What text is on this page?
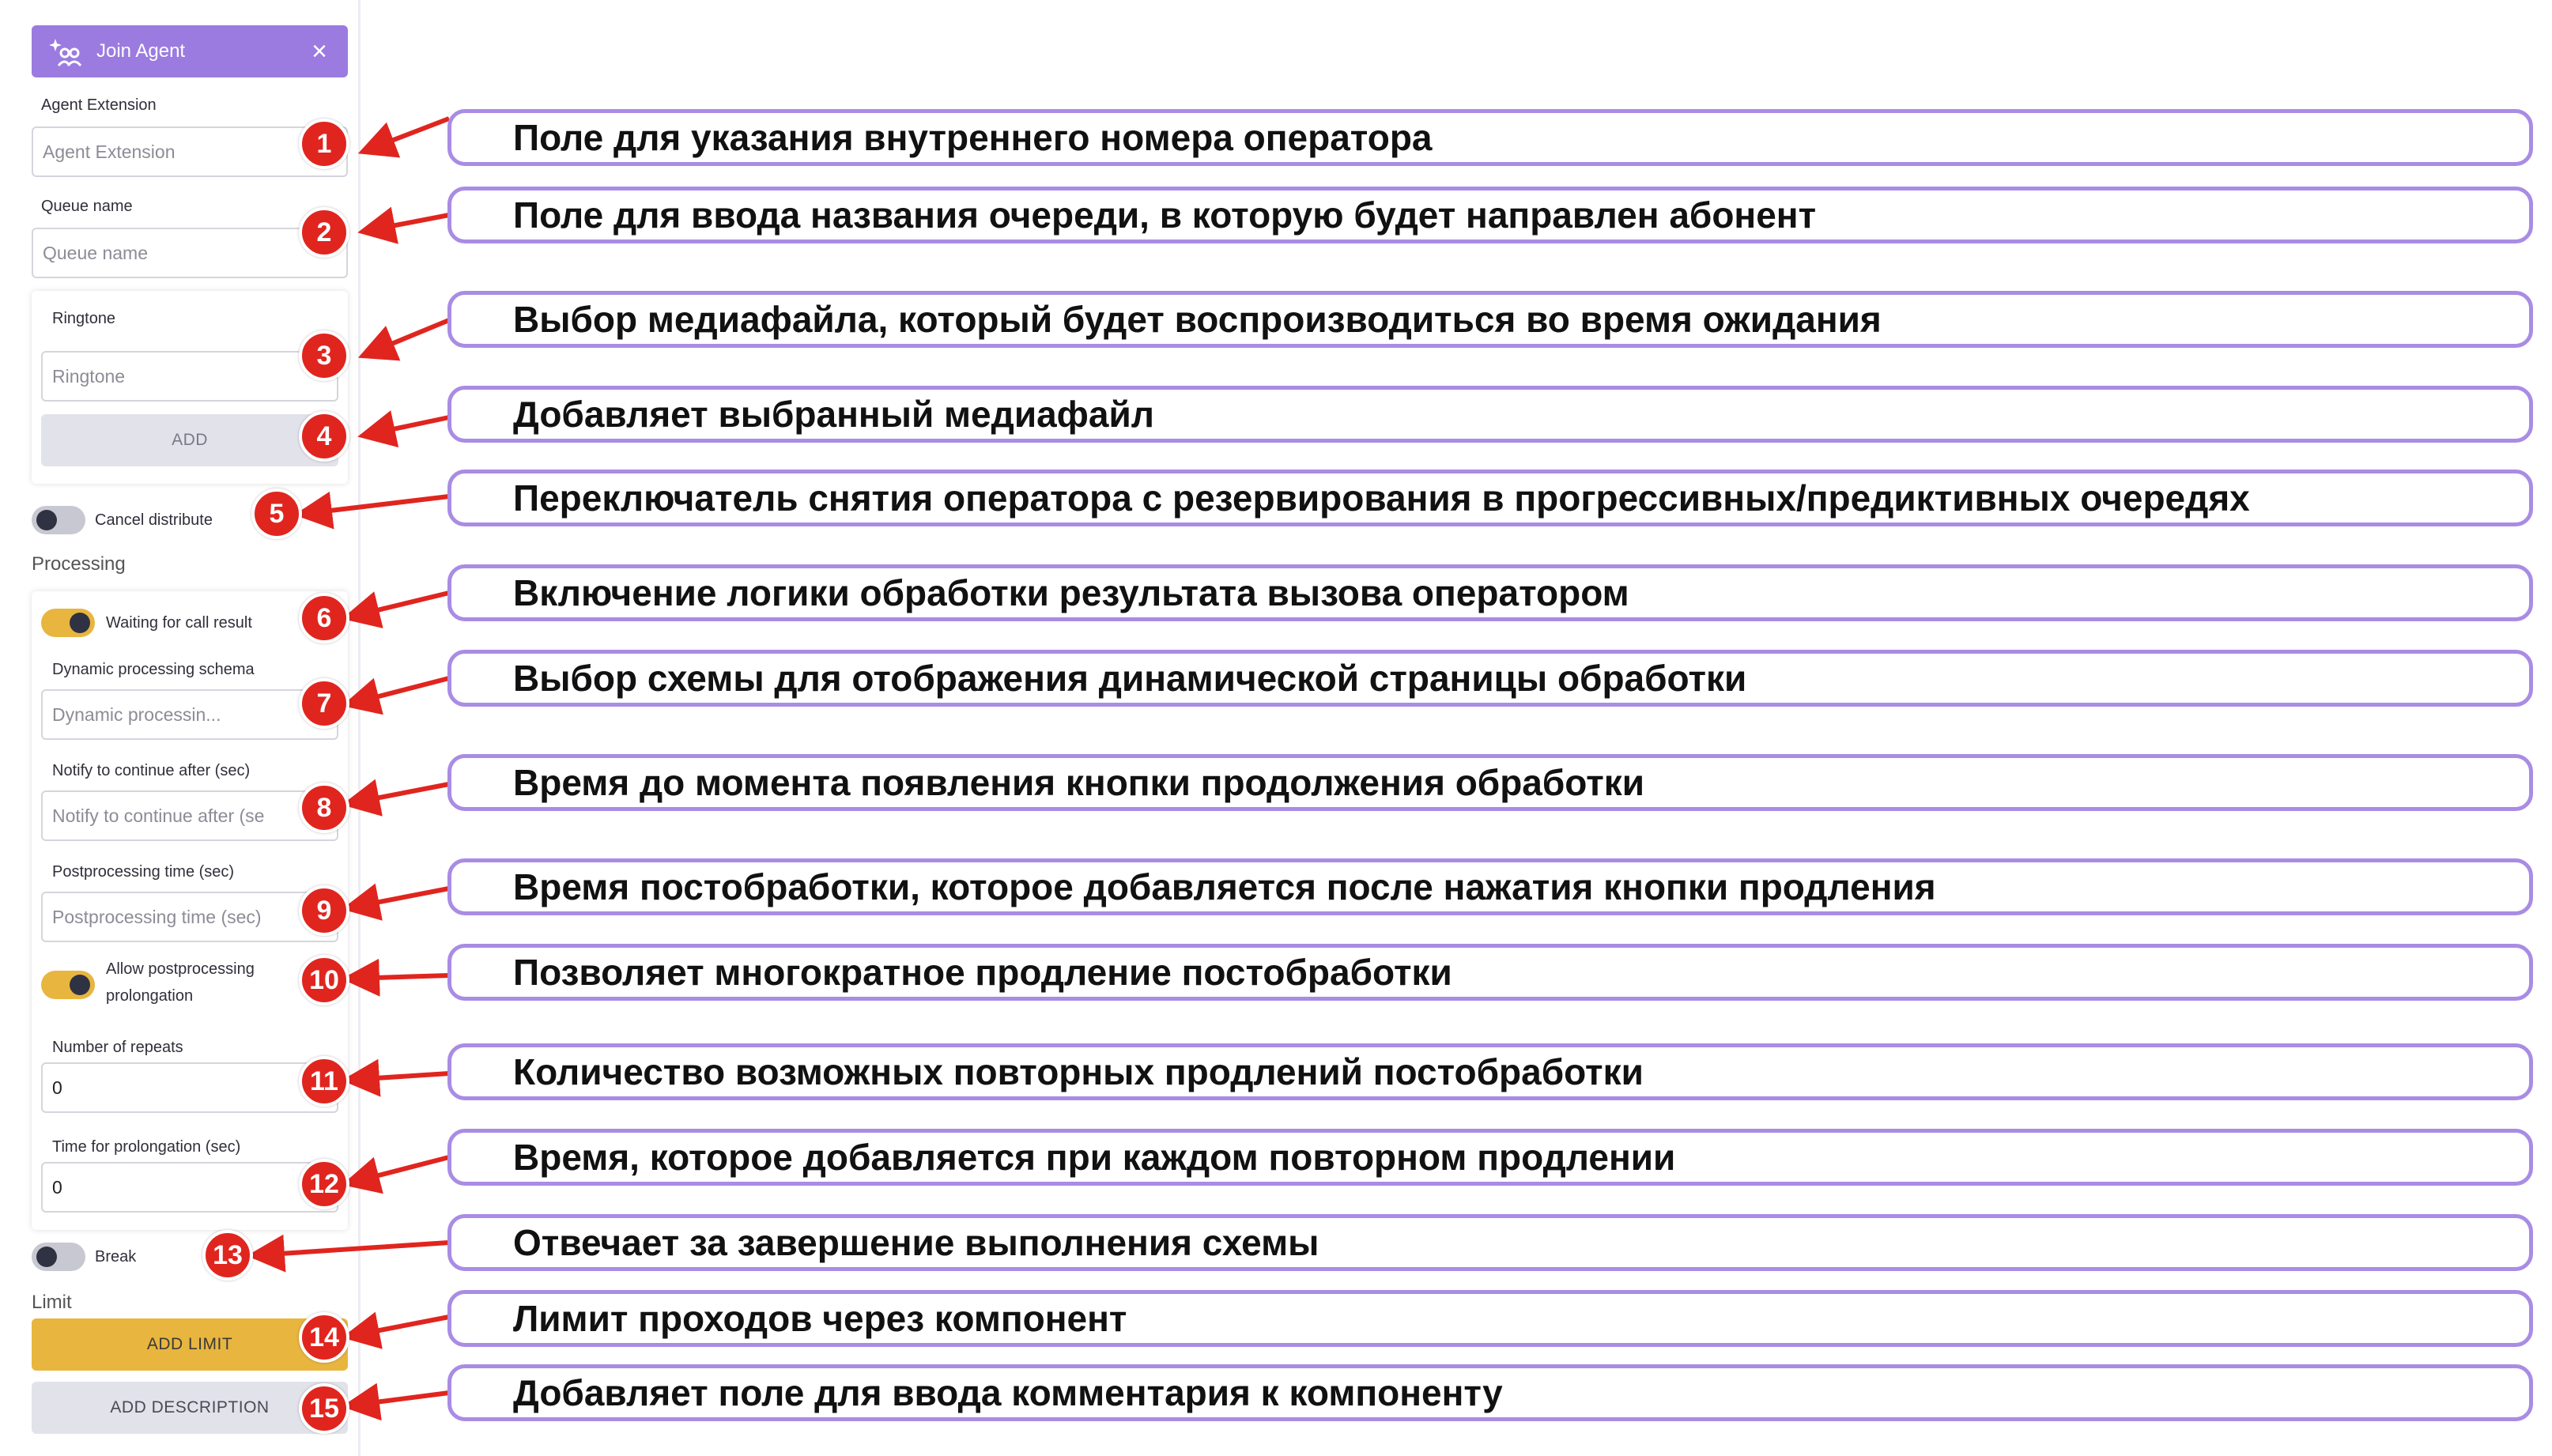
Join Agent	×
Agent Extension
Agent Extension
Queue name
Queue name
Ringtone
Ringtone
ADD
Cancel distribute
Processing
Waiting for call result
Dynamic processing schema
Dynamic processin...
Notify to continue after (sec)
Notify to continue after (se
Postprocessing time (sec)
Postprocessing time (sec)
Allow postprocessing
prolongation
Number of repeats
0
Time for prolongation (sec)
0
Break
Limit
ADD LIMIT
ADD DESCRIPTION
1
2
3
4
5
6
7
8
9
10
11
12
13
14
15
Поле для указания внутреннего номера оператора
Поле для ввода названия очереди, в которую будет направлен абонент
Выбор медиафайла, который будет воспроизводиться во время ожидания
Добавляет выбранный медиафайл
Переключатель снятия оператора с резервирования в прогрессивных/предиктивных очередях
Включение логики обработки результата вызова оператором
Выбор схемы для отображения динамической страницы обработки
Время до момента появления кнопки продолжения обработки
Время постобработки, которое добавляется после нажатия кнопки продления
Позволяет многократное продление постобработки
Количество возможных повторных продлений постобработки
Время, которое добавляется при каждом повторном продлении
Отвечает за завершение выполнения схемы
Лимит проходов через компонент
Добавляет поле для ввода комментария к компоненту
